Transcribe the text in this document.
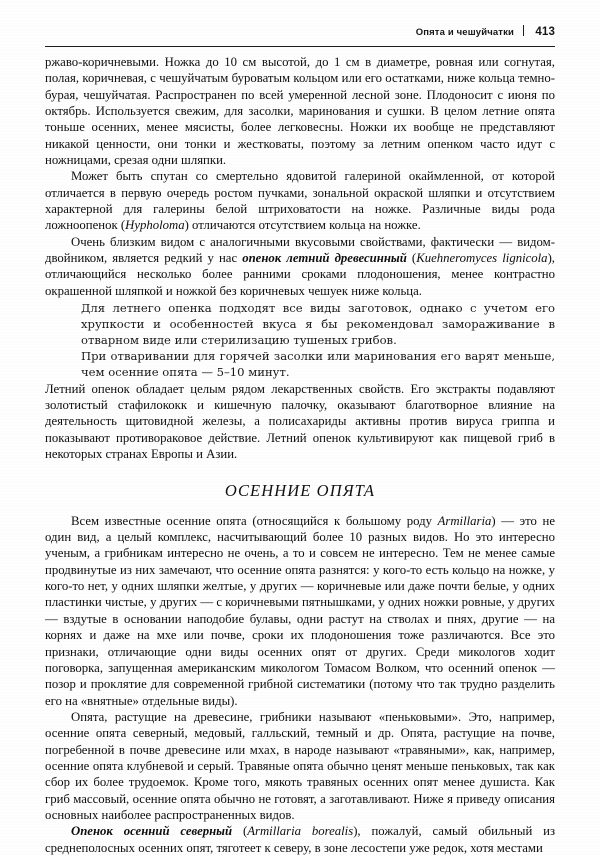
Опята и чешуйчатки 413

ржаво-коричневыми. Ножка до 10 см высотой, до 1 см в диаметре, ровная или согнутая, полая, коричневая, с чешуйчатым буроватым кольцом или его остатками, ниже кольца темно-бурая, чешуйчатая. Распространен по всей умеренной лесной зоне. Плодоносит с июня по октябрь. Используется свежим, для засолки, маринования и сушки. В целом летние опята тоньше осенних, менее мясисты, более легковесны. Ножки их вообще не представляют никакой ценности, они тонки и жестковаты, поэтому за летним опенком часто идут с ножницами, срезая одни шляпки.

Может быть спутан со смертельно ядовитой галериной окаймленной, от которой отличается в первую очередь ростом пучками, зональной окраской шляпки и отсутствием характерной для галерины белой штриховатости на ножке. Различные виды рода ложноопенок (Hypholoma) отличаются отсутствием кольца на ножке.

Очень близким видом с аналогичными вкусовыми свойствами, фактически — видом-двойником, является редкий у нас опенок летний древесинный (Kuehneromyces lignicola), отличающийся несколько более ранними сроками плодоношения, менее контрастно окрашенной шляпкой и ножкой без коричневых чешуек ниже кольца.

Для летнего опенка подходят все виды заготовок, однако с учетом его хрупкости и особенностей вкуса я бы рекомендовал замораживание в отварном виде или стерилизацию тушеных грибов.

При отваривании для горячей засолки или маринования его варят меньше, чем осенние опята — 5–10 минут.

Летний опенок обладает целым рядом лекарственных свойств. Его экстракты подавляют золотистый стафилококк и кишечную палочку, оказывают благотворное влияние на деятельность щитовидной железы, а полисахариды активны против вируса гриппа и показывают противораковое действие. Летний опенок культивируют как пищевой гриб в некоторых странах Европы и Азии.

ОСЕННИЕ ОПЯТА

Всем известные осенние опята (относящийся к большому роду Armillaria) — это не один вид, а целый комплекс, насчитывающий более 10 разных видов. Но это интересно ученым, а грибникам интересно не очень, а то и совсем не интересно. Тем не менее самые продвинутые из них замечают, что осенние опята разнятся: у кого-то есть кольцо на ножке, у кого-то нет, у одних шляпки желтые, у других — коричневые или даже почти белые, у одних пластинки чистые, у других — с коричневыми пятнышками, у одних ножки ровные, у других — вздутые в основании наподобие булавы, одни растут на стволах и пнях, другие — на корнях и даже на мхе или почве, сроки их плодоношения тоже различаются. Все это признаки, отличающие одни виды осенних опят от других. Среди микологов ходит поговорка, запущенная американским микологом Томасом Волком, что осенний опенок — позор и проклятие для современной грибной систематики (потому что так трудно разделить его на «внятные» отдельные виды).

Опята, растущие на древесине, грибники называют «пеньковыми». Это, например, осенние опята северный, медовый, галльский, темный и др. Опята, растущие на почве, погребенной в почве древесине или мхах, в народе называют «травяными», как, например, осенние опята клубневой и серый. Травяные опята обычно ценят меньше пеньковых, так как сбор их более трудоемок. Кроме того, мякоть травяных осенних опят менее душиста. Как гриб массовый, осенние опята обычно не готовят, а заготавливают. Ниже я приведу описания основных наиболее распространенных видов.

Опенок осенний северный (Armillaria borealis), пожалуй, самый обильный из среднеполосных осенних опят, тяготеет к северу, в зоне лесостепи уже редок, хотя местами
